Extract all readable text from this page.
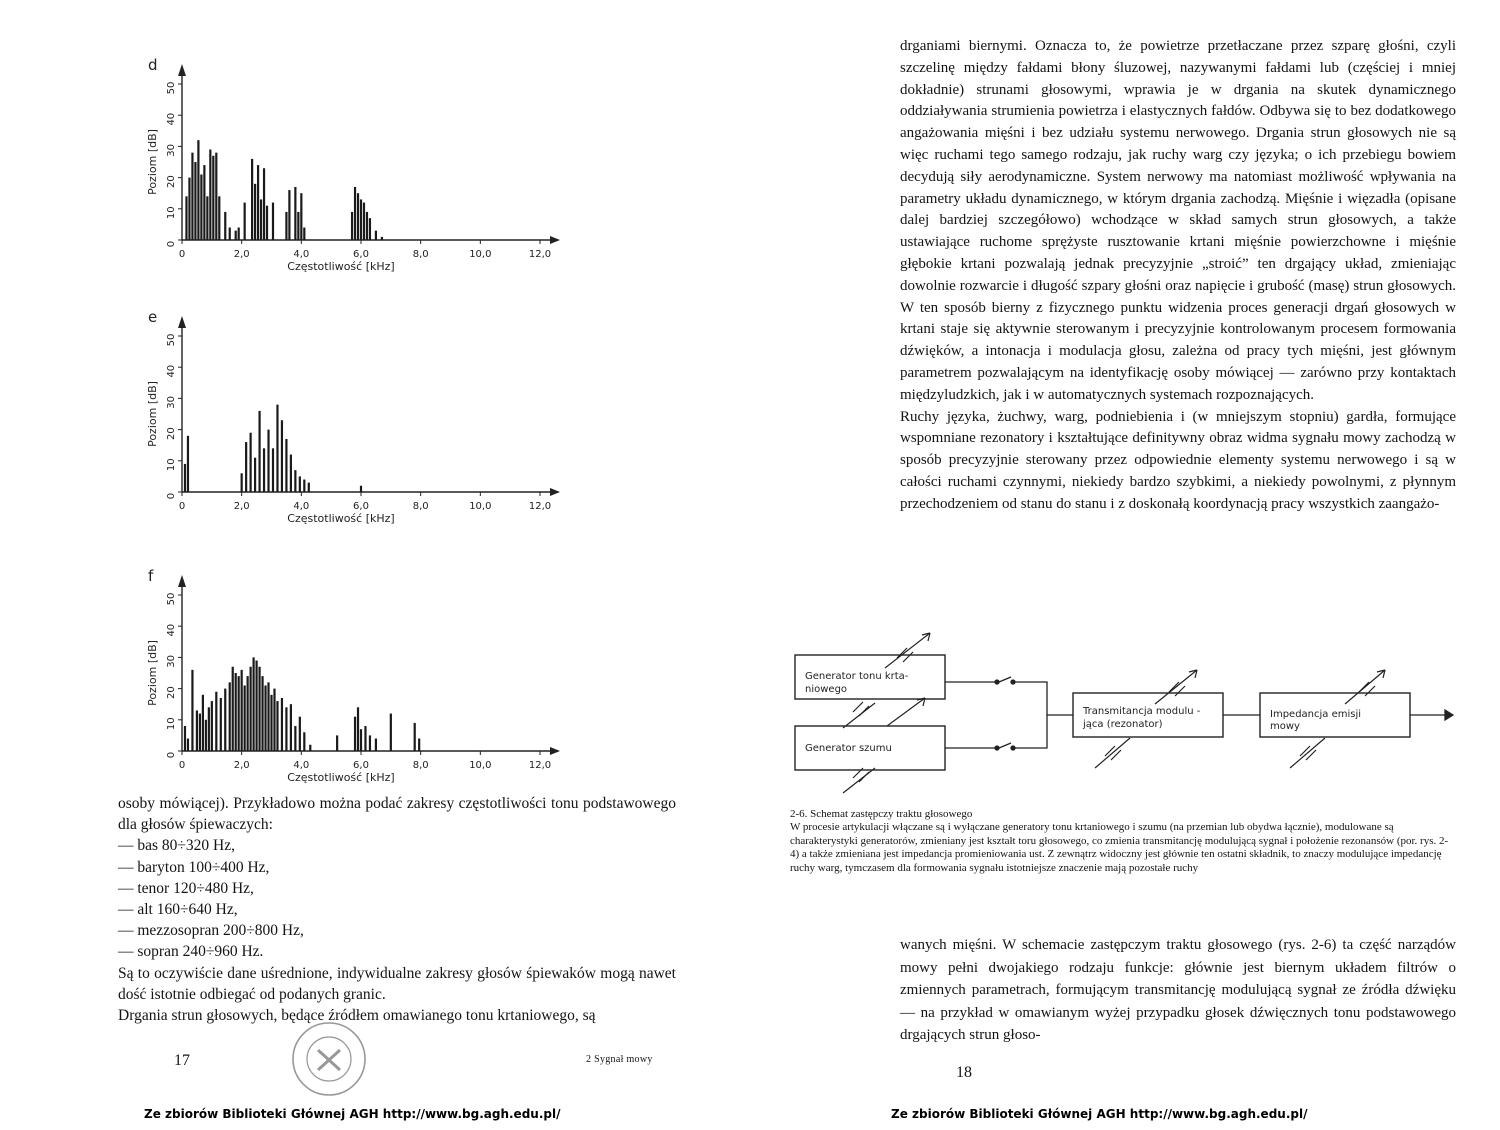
d
0
10
20
30
40
50
Poziom [dB]
0	2,0	4,0	6,0	8,0	10,0	12,0
Częstotliwość [kHz]
e
0
10
20
30
40
50
Poziom [dB]
0	2,0	4,0	6,0	8,0	10,0	12,0
Częstotliwość [kHz]
f
0
10
20
30
40
50
Poziom [dB]
0	2,0	4,0	6,0	8,0	10,0	12,0
Częstotliwość [kHz]

osoby mówiącej). Przykładowo można podać zakresy częstotliwości tonu podstawowego dla głosów śpiewaczych:

— bas 80÷320 Hz,
— baryton 100÷400 Hz,
— tenor 120÷480 Hz,
— alt 160÷640 Hz,
— mezzosopran 200÷800 Hz,
— sopran 240÷960 Hz.

Są to oczywiście dane uśrednione, indywidualne zakresy głosów śpiewaków mogą nawet dość istotnie odbiegać od podanych granic.

Drgania strun głosowych, będące źródłem omawianego tonu krtaniowego, są

17	2 Sygnał mowy
Ze zbiorów Biblioteki Głównej AGH http://www.bg.agh.edu.pl/

drganiami biernymi. Oznacza to, że powietrze przetłaczane przez szparę głośni, czyli szczelinę między fałdami błony śluzowej, nazywanymi fałdami lub (częściej i mniej dokładnie) strunami głosowymi, wprawia je w drgania na skutek dynamicznego oddziaływania strumienia powietrza i elastycznych fałdów. Odbywa się to bez dodatkowego angażowania mięśni i bez udziału systemu nerwowego. Drgania strun głosowych nie są więc ruchami tego samego rodzaju, jak ruchy warg czy języka; o ich przebiegu bowiem decydują siły aerodynamiczne. System nerwowy ma natomiast możliwość wpływania na parametry układu dynamicznego, w którym drgania zachodzą. Mięśnie i więzadła (opisane dalej bardziej szczegółowo) wchodzące w skład samych strun głosowych, a także ustawiające ruchome sprężyste rusztowanie krtani mięśnie powierzchowne i mięśnie głębokie krtani pozwalają jednak precyzyjnie „stroić” ten drgający układ, zmieniając dowolnie rozwarcie i długość szpary głośni oraz napięcie i grubość (masę) strun głosowych. W ten sposób bierny z fizycznego punktu widzenia proces generacji drgań głosowych w krtani staje się aktywnie sterowanym i precyzyjnie kontrolowanym procesem formowania dźwięków, a intonacja i modulacja głosu, zależna od pracy tych mięśni, jest głównym parametrem pozwalającym na identyfikację osoby mówiącej — zarówno przy kontaktach międzyludzkich, jak i w automatycznych systemach rozpoznających.

Ruchy języka, żuchwy, warg, podniebienia i (w mniejszym stopniu) gardła, formujące wspomniane rezonatory i kształtujące definitywny obraz widma sygnału mowy zachodzą w sposób precyzyjnie sterowany przez odpowiednie elementy systemu nerwowego i są w całości ruchami czynnymi, niekiedy bardzo szybkimi, a niekiedy powolnymi, z płynnym przechodzeniem od stanu do stanu i z doskonałą koordynacją pracy wszystkich zaangażo-

Generator tonu krta-
niowego
Generator szumu
Transmitancja modulu -
jąca (rezonator)
Impedancja emisji
mowy
2-6. Schemat zastępczy traktu głosowego
W procesie artykulacji włączane są i wyłączane generatory tonu krtaniowego i szumu (na przemian lub obydwa łącznie), modulowane są charakterystyki generatorów, zmieniany jest kształt toru głosowego, co zmienia transmitancję modulującą sygnał i położenie rezonansów (por. rys. 2-4) a także zmieniana jest impedancja promieniowania ust. Z zewnątrz widoczny jest głównie ten ostatni składnik, to znaczy modulujące impedancję ruchy warg, tymczasem dla formowania sygnału istotniejsze znaczenie mają pozostałe ruchy

wanych mięśni. W schemacie zastępczym traktu głosowego (rys. 2-6) ta część narządów mowy pełni dwojakiego rodzaju funkcje: głównie jest biernym układem filtrów o zmiennych parametrach, formującym transmitancję modulującą sygnał ze źródła dźwięku — na przykład w omawianym wyżej przypadku głosek dźwięcznych tonu podstawowego drgających strun głoso-

18
Ze zbiorów Biblioteki Głównej AGH http://www.bg.agh.edu.pl/
